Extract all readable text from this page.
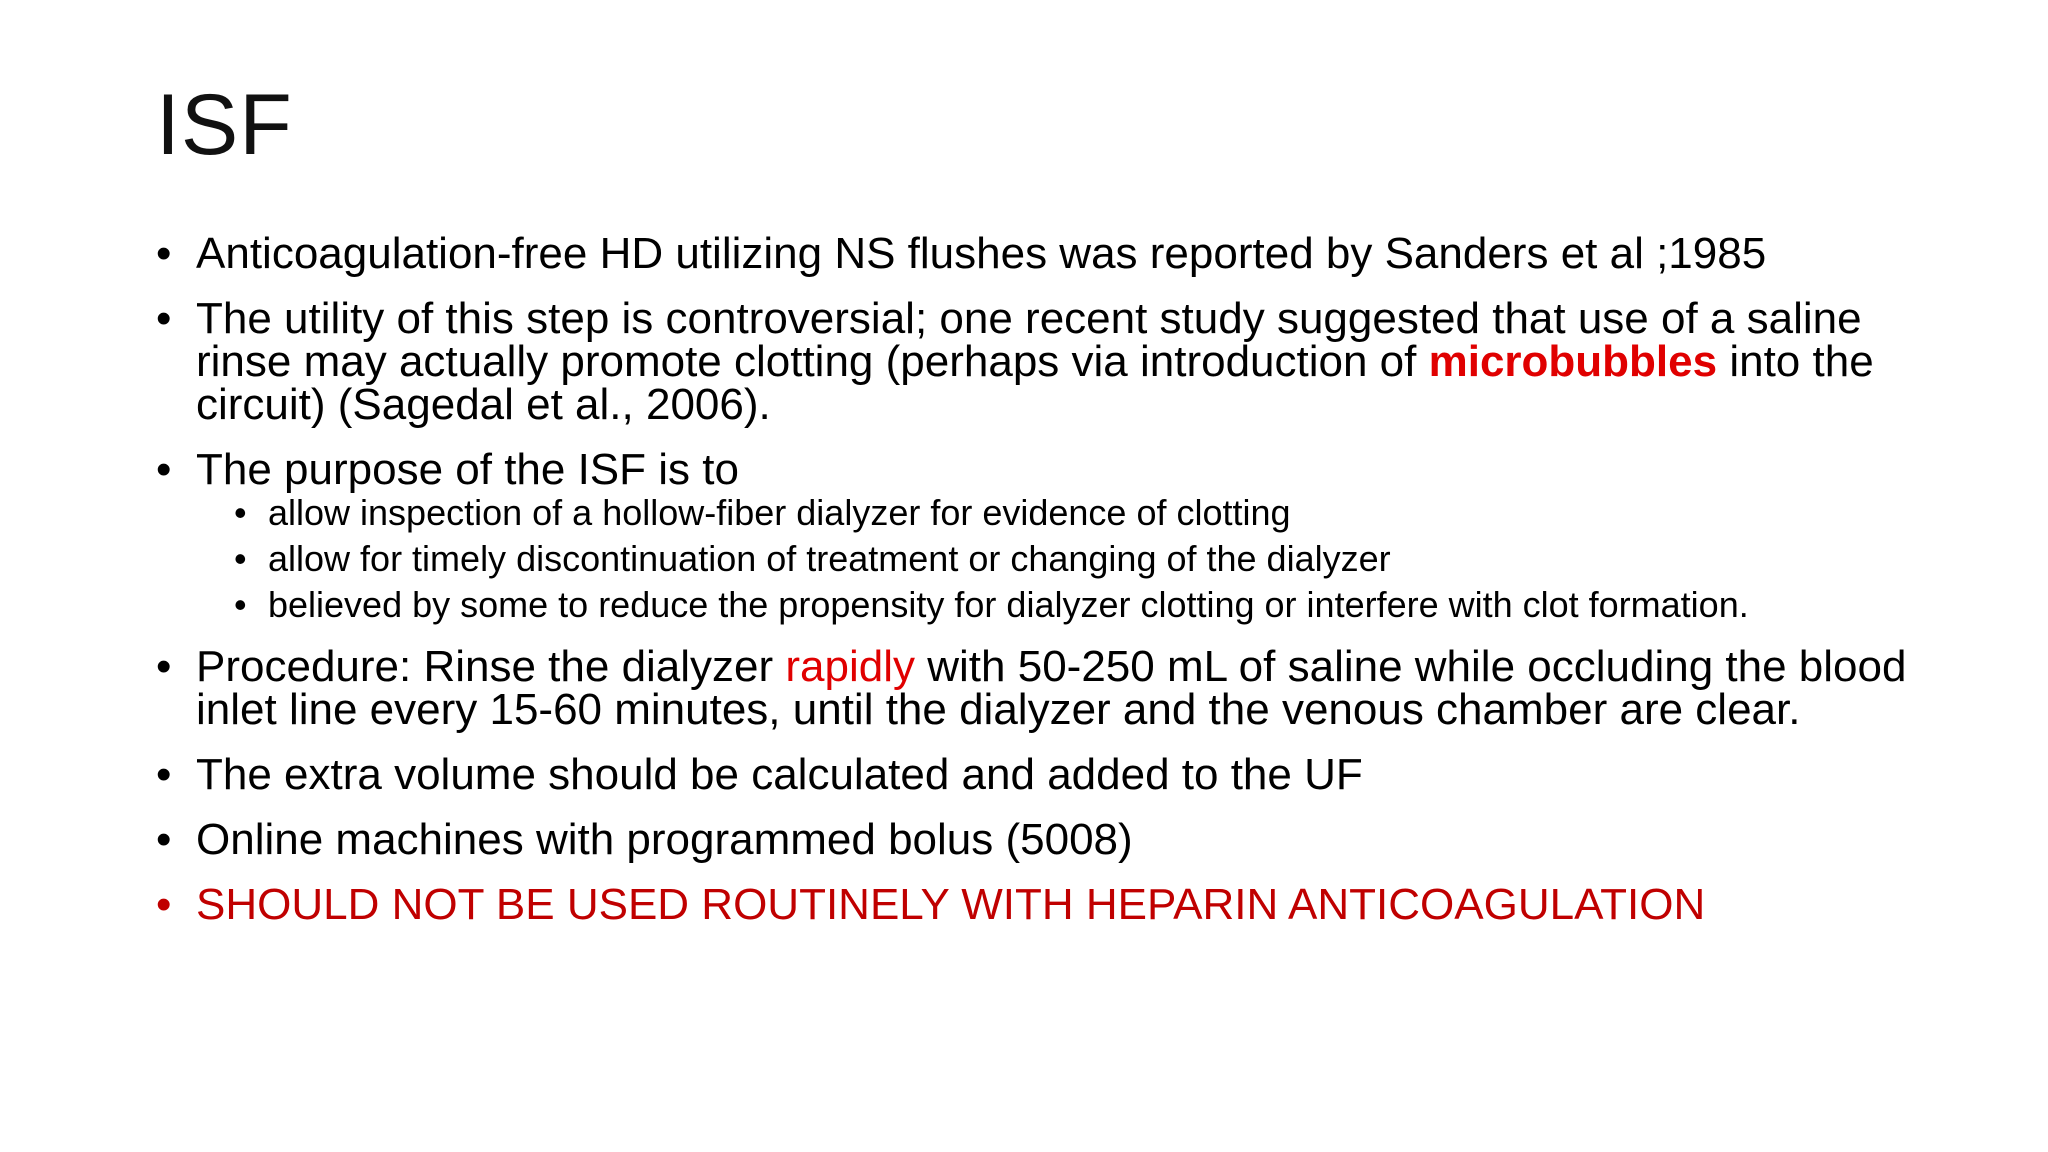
ISF
• Anticoagulation-free HD utilizing NS flushes was reported by Sanders et al ;1985
• The utility of this step is controversial; one recent study suggested that use of a saline rinse may actually promote clotting (perhaps via introduction of microbubbles into the circuit) (Sagedal et al., 2006).
• The purpose of the ISF is to
• allow inspection of a hollow-fiber dialyzer for evidence of clotting
• allow for timely discontinuation of treatment or changing of the dialyzer
• believed by some to reduce the propensity for dialyzer clotting or interfere with clot formation.
• Procedure: Rinse the dialyzer rapidly with 50-250 mL of saline while occluding the blood inlet line every 15-60 minutes, until the dialyzer and the venous chamber are clear.
• The extra volume should be calculated and added to the UF
• Online machines with programmed bolus (5008)
• SHOULD NOT BE USED ROUTINELY WITH HEPARIN ANTICOAGULATION
